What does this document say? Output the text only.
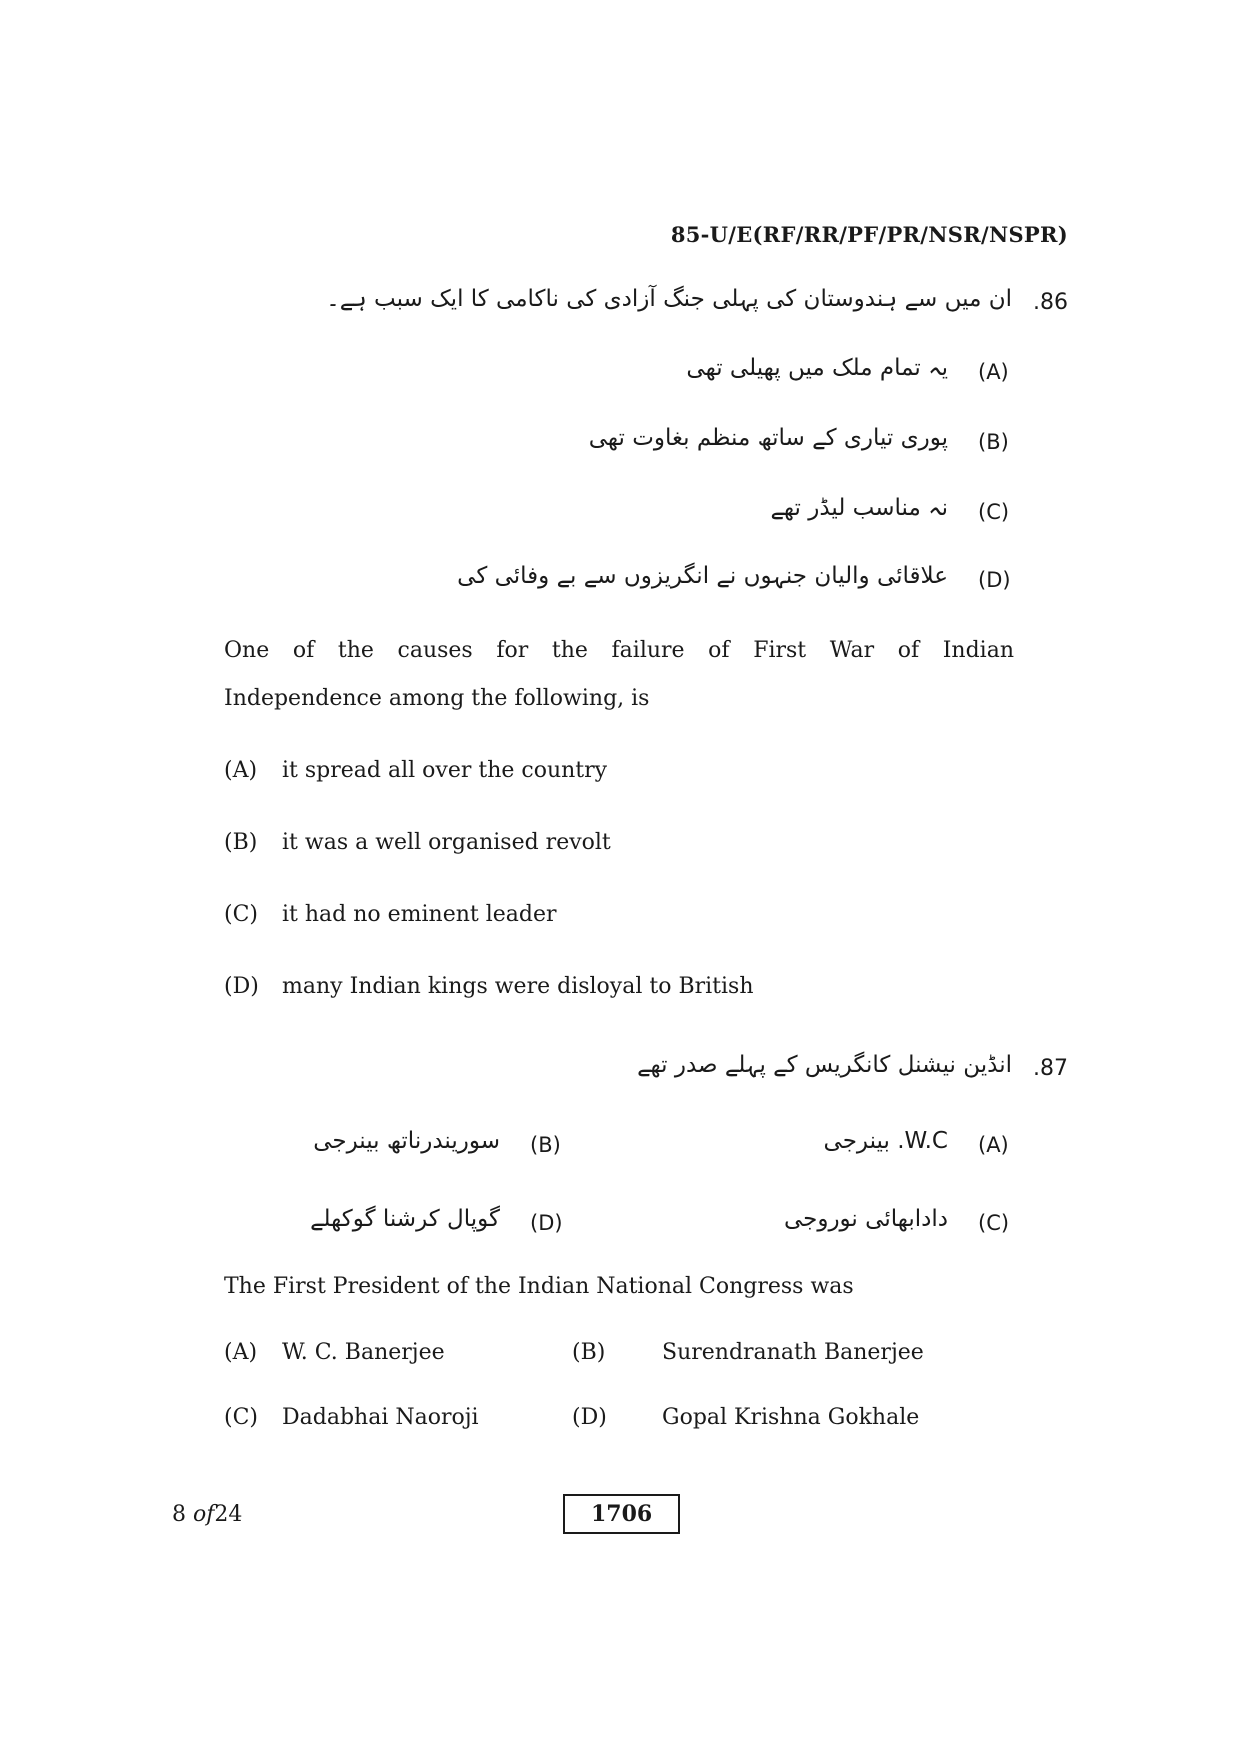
85-U/E(RF/RR/PF/PR/NSR/NSPR)
.86
ان میں سے ہندوستان کی پہلی جنگ آزادی کی ناکامی کا ایک سبب ہے۔
(A)
یہ تمام ملک میں پھیلی تھی
(B)
پوری تیاری کے ساتھ منظم بغاوت تھی
(C)
نہ مناسب لیڈر تھے
(D)
علاقائی والیان جنہوں نے انگریزوں سے بے وفائی کی
One of the causes for the failure of First War of Indian
Independence among the following, is
(A) it spread all over the country
(B) it was a well organised revolt
(C) it had no eminent leader
(D) many Indian kings were disloyal to British
.87
انڈین نیشنل کانگریس کے پہلے صدر تھے
(A)
W.C. بینرجی
(B)
سوریندرناتھ بینرجی
(C)
دادابھائی نوروجی
(D)
گوپال کرشنا گوکھلے
The First President of the Indian National Congress was
(A) W. C. Banerjee	(B)	Surendranath Banerjee
(C) Dadabhai Naoroji	(D)	Gopal Krishna Gokhale
8 of24	1706
